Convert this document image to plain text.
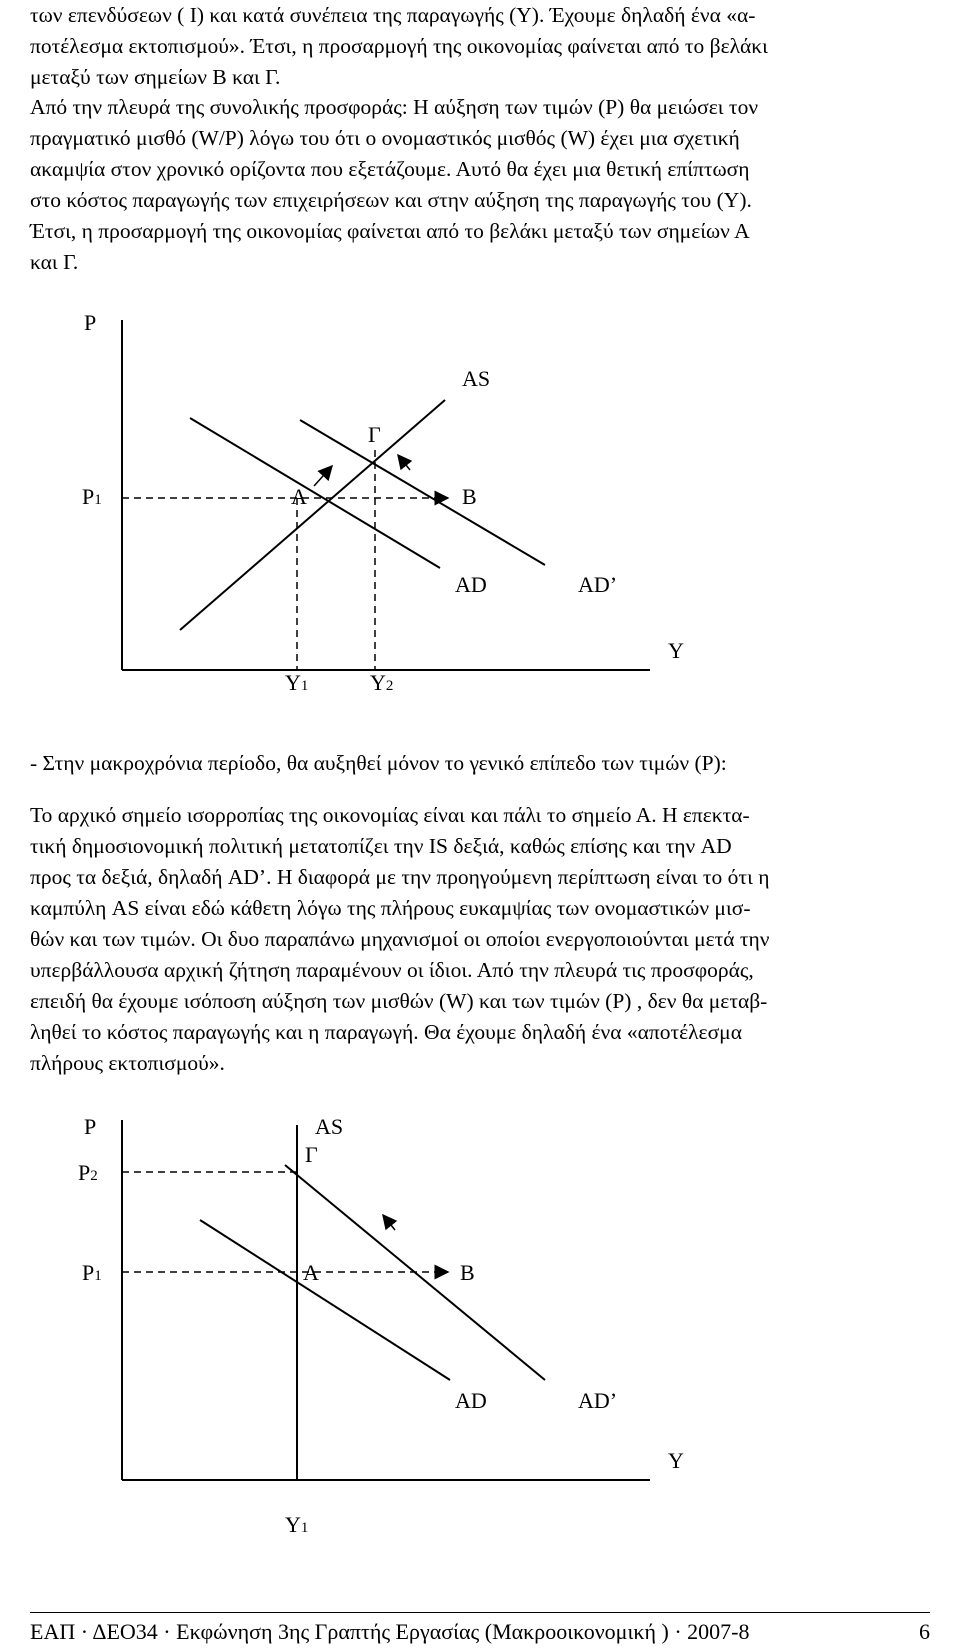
των επενδύσεων ( I) και κατά συνέπεια της παραγωγής (Y). Έχουμε δηλαδή ένα «α-
ποτέλεσμα εκτοπισμού». Έτσι, η προσαρμογή της οικονομίας φαίνεται από το βελάκι
μεταξύ των σημείων Β και Γ.
Από την πλευρά της συνολικής προσφοράς: Η αύξηση των τιμών (P) θα μειώσει τον
πραγματικό μισθό (W/P) λόγω του ότι ο ονομαστικός μισθός (W) έχει μια σχετική
ακαμψία στον χρονικό ορίζοντα που εξετάζουμε. Αυτό θα έχει μια θετική επίπτωση
στο κόστος παραγωγής των επιχειρήσεων και στην αύξηση της παραγωγής του (Y).
Έτσι, η προσαρμογή της οικονομίας φαίνεται από το βελάκι μεταξύ των σημείων Α
και Γ.
P
Y
AS
AD	AD’
P1
Γ
A	B
Y1	Y2
- Στην μακροχρόνια περίοδο, θα αυξηθεί μόνον το γενικό επίπεδο των τιμών (P):
Το αρχικό σημείο ισορροπίας της οικονομίας είναι και πάλι το σημείο Α. Η επεκτα-
τική δημοσιονομική πολιτική μετατοπίζει την IS δεξιά, καθώς επίσης και την AD
προς τα δεξιά, δηλαδή AD’. Η διαφορά με την προηγούμενη περίπτωση είναι το ότι η
καμπύλη AS είναι εδώ κάθετη λόγω της πλήρους ευκαμψίας των ονομαστικών μισ-
θών και των τιμών. Οι δυο παραπάνω μηχανισμοί οι οποίοι ενεργοποιούνται μετά την
υπερβάλλουσα αρχική ζήτηση παραμένουν οι ίδιοι. Από την πλευρά τις προσφοράς,
επειδή θα έχουμε ισόποση αύξηση των μισθών (W) και των τιμών (P) , δεν θα μεταβ-
ληθεί το κόστος παραγωγής και η παραγωγή. Θα έχουμε δηλαδή ένα «αποτέλεσμα
πλήρους εκτοπισμού».
P
Y
AS
AD	AD’
P2
P1
Γ
A	B
Y1
ΕΑΠ · ΔΕΟ34 · Εκφώνηση 3ης Γραπτής Εργασίας (Μακροοικονομική ) · 2007-8	6
